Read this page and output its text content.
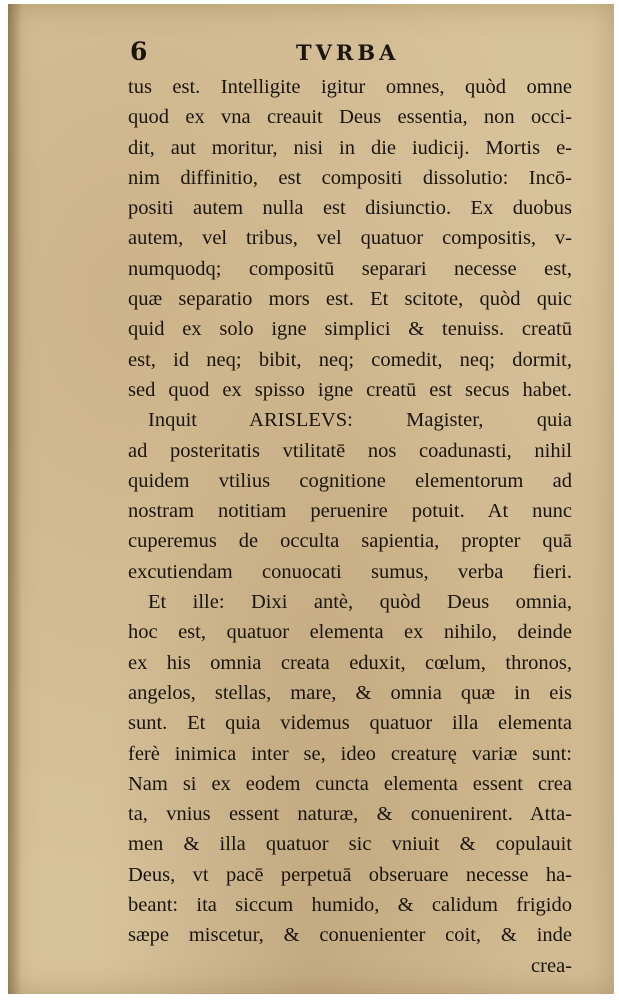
6	TVRBA
tus est. Intelligite igitur omnes, quòd omne
quod ex vna creauit Deus essentia, non occi-
dit, aut moritur, nisi in die iudicij. Mortis e-
nim diffinitio, est compositi dissolutio: Incō-
positi autem nulla est disiunctio. Ex duobus
autem, vel tribus, vel quatuor compositis, v-
numquodq; compositū separari necesse est,
quæ separatio mors est. Et scitote, quòd quic
quid ex solo igne simplici & tenuiss. creatū
est, id neq; bibit, neq; comedit, neq; dormit,
sed quod ex spisso igne creatū est secus habet.
Inquit ARISLEVS: Magister, quia
ad posteritatis vtilitatē nos coadunasti, nihil
quidem vtilius cognitione elementorum ad
nostram notitiam peruenire potuit. At nunc
cuperemus de occulta sapientia, propter quā
excutiendam conuocati sumus, verba fieri.
Et ille: Dixi antè, quòd Deus omnia,
hoc est, quatuor elementa ex nihilo, deinde
ex his omnia creata eduxit, cœlum, thronos,
angelos, stellas, mare, & omnia quæ in eis
sunt. Et quia videmus quatuor illa elementa
ferè inimica inter se, ideo creaturę variæ sunt:
Nam si ex eodem cuncta elementa essent crea
ta, vnius essent naturæ, & conuenirent. Atta-
men & illa quatuor sic vniuit & copulauit
Deus, vt pacē perpetuā obseruare necesse ha-
beant: ita siccum humido, & calidum frigido
sæpe miscetur, & conuenienter coit, & inde
crea-
